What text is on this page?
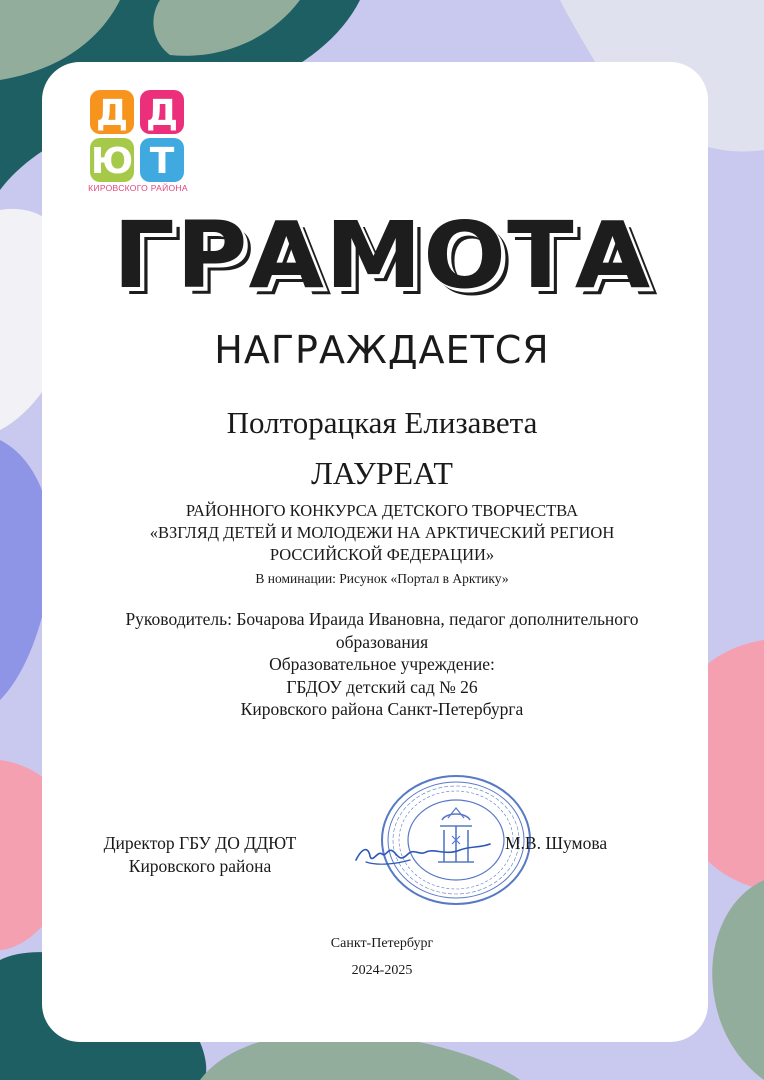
Д Д
Ю Т
КИРОВСКОГО РАЙОНА
ГРАМОТА
НАГРАЖДАЕТСЯ
Полторацкая Елизавета
ЛАУРЕАТ
РАЙОННОГО КОНКУРСА ДЕТСКОГО ТВОРЧЕСТВА
«ВЗГЛЯД ДЕТЕЙ И МОЛОДЕЖИ НА АРКТИЧЕСКИЙ РЕГИОН
РОССИЙСКОЙ ФЕДЕРАЦИИ»
В номинации: Рисунок «Портал в Арктику»
Руководитель: Бочарова Ираида Ивановна, педагог дополнительного
образования
Образовательное учреждение:
ГБДОУ детский сад № 26
Кировского района Санкт-Петербурга
Директор ГБУ ДО ДДЮТ
Кировского района
М.В. Шумова
Санкт-Петербург
2024-2025
